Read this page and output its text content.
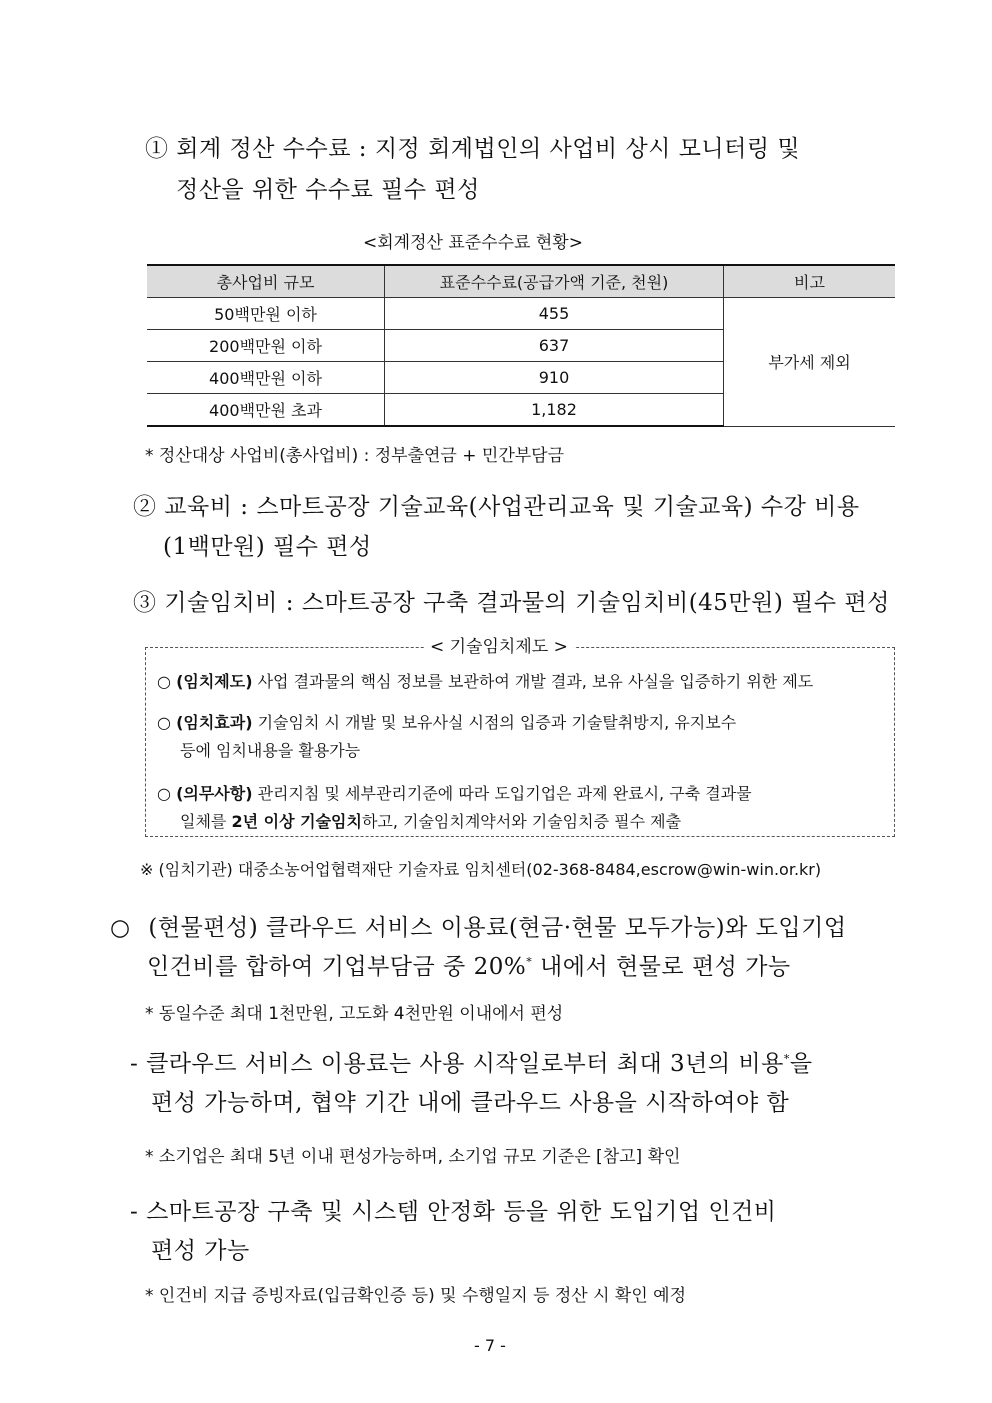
① 회계 정산 수수료 : 지정 회계법인의 사업비 상시 모니터링 및
정산을 위한 수수료 필수 편성
<회계정산 표준수수료 현황>
총사업비 규모	표준수수료(공급가액 기준, 천원)	비고
50백만원 이하	455	부가세 제외
200백만원 이하	637	
400백만원 이하	910	
400백만원 초과	1,182	
* 정산대상 사업비(총사업비) : 정부출연금 + 민간부담금
② 교육비 : 스마트공장 기술교육(사업관리교육 및 기술교육) 수강 비용
(1백만원) 필수 편성
③ 기술임치비 : 스마트공장 구축 결과물의 기술임치비(45만원) 필수 편성
< 기술임치제도 >
○ (임치제도) 사업 결과물의 핵심 정보를 보관하여 개발 결과, 보유 사실을 입증하기 위한 제도
○ (임치효과) 기술임치 시 개발 및 보유사실 시점의 입증과 기술탈취방지, 유지보수
등에 임치내용을 활용가능
○ (의무사항) 관리지침 및 세부관리기준에 따라 도입기업은 과제 완료시, 구축 결과물
일체를 2년 이상 기술임치하고, 기술임치계약서와 기술임치증 필수 제출
※ (임치기관) 대중소농어업협력재단 기술자료 임치센터(02-368-8484,escrow@win-win.or.kr)
○ (현물편성) 클라우드 서비스 이용료(현금·현물 모두가능)와 도입기업
인건비를 합하여 기업부담금 중 20%* 내에서 현물로 편성 가능
* 동일수준 최대 1천만원, 고도화 4천만원 이내에서 편성
- 클라우드 서비스 이용료는 사용 시작일로부터 최대 3년의 비용*을
편성 가능하며, 협약 기간 내에 클라우드 사용을 시작하여야 함
* 소기업은 최대 5년 이내 편성가능하며, 소기업 규모 기준은 [참고] 확인
- 스마트공장 구축 및 시스템 안정화 등을 위한 도입기업 인건비
편성 가능
* 인건비 지급 증빙자료(입금확인증 등) 및 수행일지 등 정산 시 확인 예정
- 7 -
